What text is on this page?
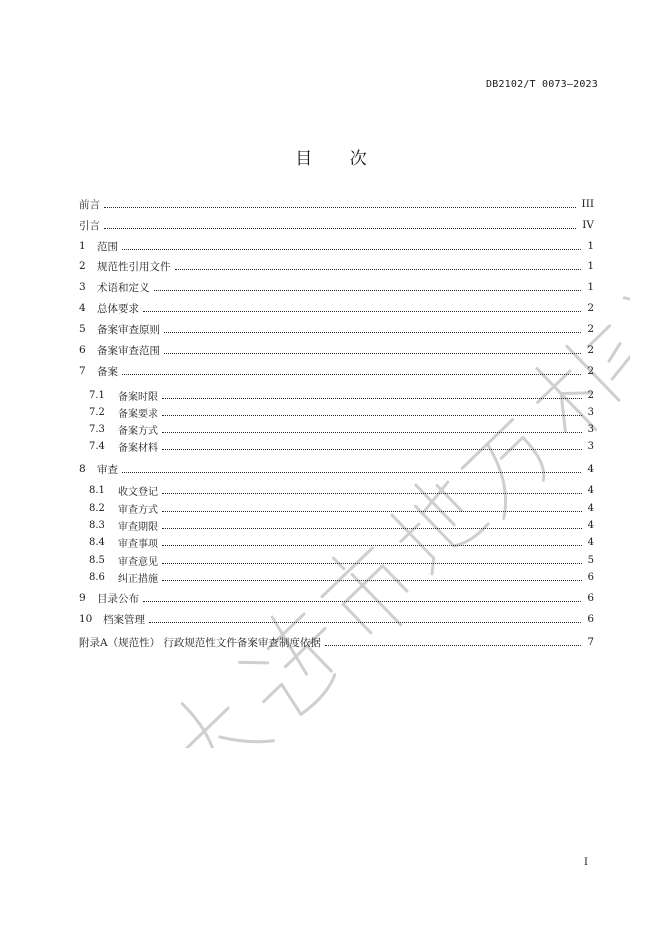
DB2102/T 0073—2023
目 次
前言	III
引言	IV
1	范围	1
2	规范性引用文件	1
3	术语和定义	1
4	总体要求	2
5	备案审查原则	2
6	备案审查范围	2
7	备案	2
7.1	备案时限	2
7.2	备案要求	3
7.3	备案方式	3
7.4	备案材料	3
8	审查	4
8.1	收文登记	4
8.2	审查方式	4
8.3	审查期限	4
8.4	审查事项	4
8.5	审查意见	5
8.6	纠正措施	6
9	目录公布	6
10	档案管理	6
附录A（规范性） 行政规范性文件备案审查制度依据	7
I
